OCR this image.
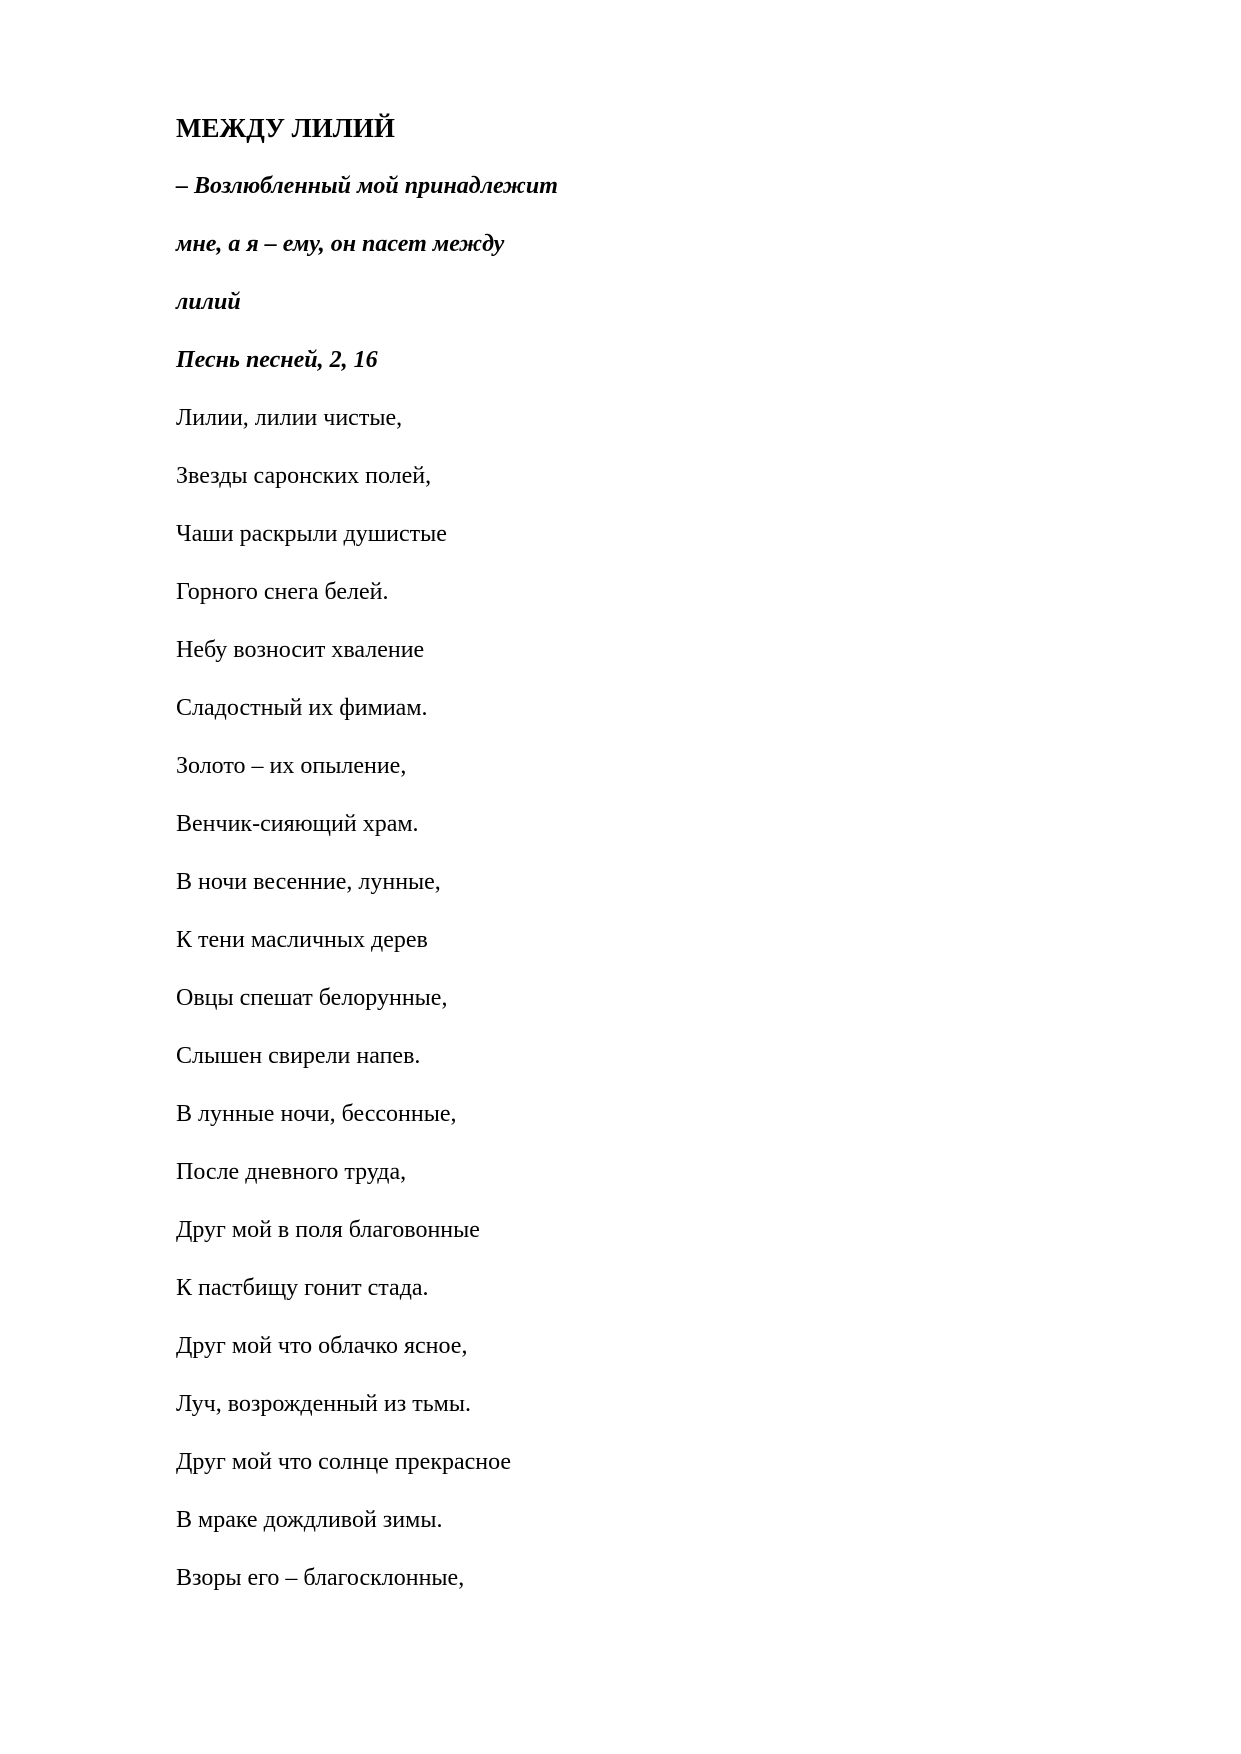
МЕЖДУ ЛИЛИЙ
– Возлюбленный мой принадлежит
мне, а я – ему, он пасет между
лилий
Песнь песней, 2, 16
Лилии, лилии чистые,
Звезды саронских полей,
Чаши раскрыли душистые
Горного снега белей.
Небу возносит хваление
Сладостный их фимиам.
Золото – их опыление,
Венчик-сияющий храм.
В ночи весенние, лунные,
К тени масличных дерев
Овцы спешат белорунные,
Слышен свирели напев.
В лунные ночи, бессонные,
После дневного труда,
Друг мой в поля благовонные
К пастбищу гонит стада.
Друг мой что облачко ясное,
Луч, возрожденный из тьмы.
Друг мой что солнце прекрасное
В мраке дождливой зимы.
Взоры его – благосклонные,
